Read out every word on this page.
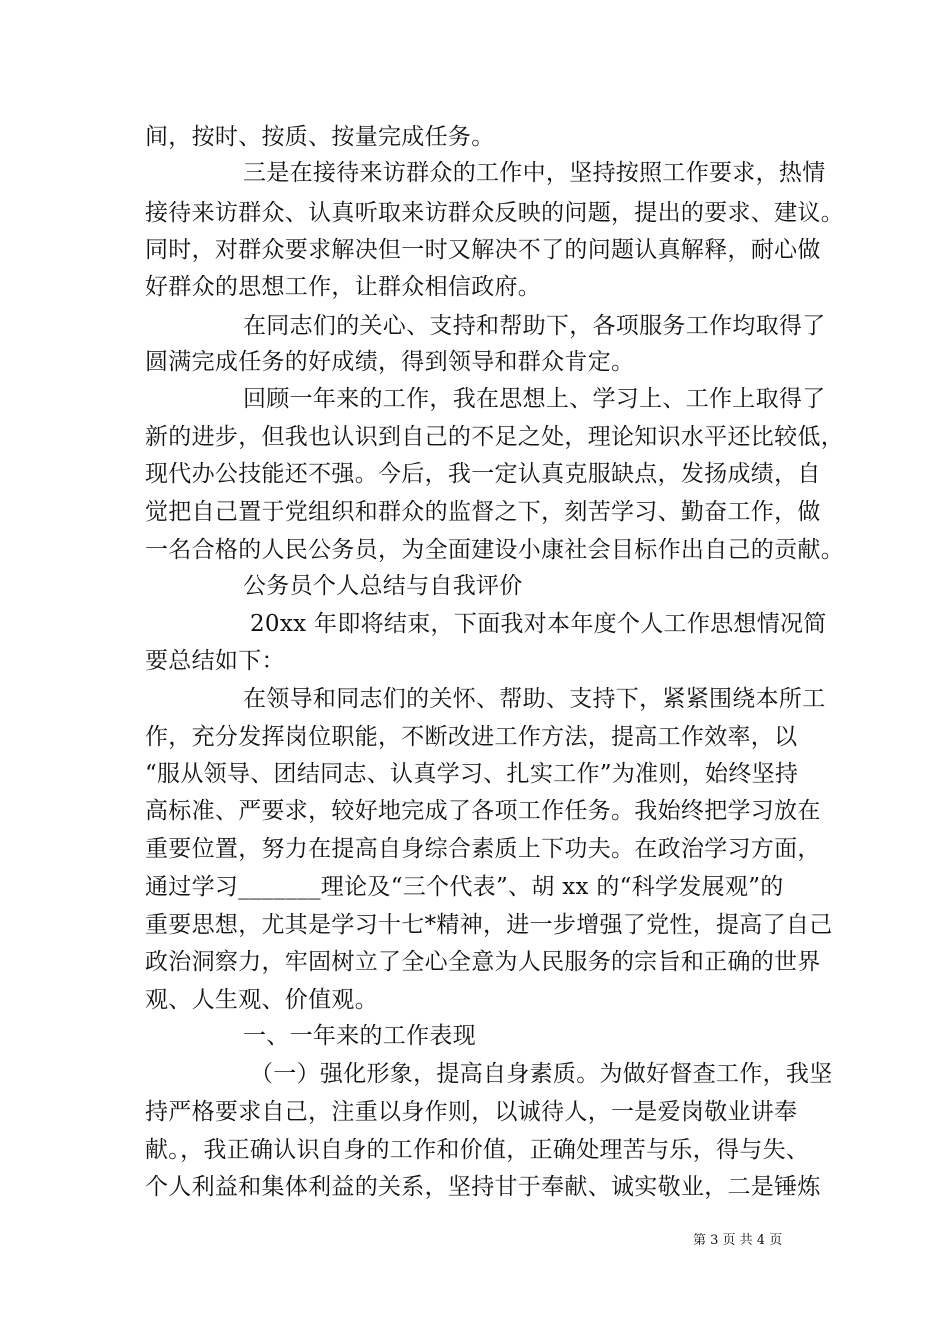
间，按时、按质、按量完成任务。
三是在接待来访群众的工作中，坚持按照工作要求，热情
接待来访群众、认真听取来访群众反映的问题，提出的要求、建议。
同时，对群众要求解决但一时又解决不了的问题认真解释，耐心做
好群众的思想工作，让群众相信政府。
在同志们的关心、支持和帮助下，各项服务工作均取得了
圆满完成任务的好成绩，得到领导和群众肯定。
回顾一年来的工作，我在思想上、学习上、工作上取得了
新的进步，但我也认识到自己的不足之处，理论知识水平还比较低，
现代办公技能还不强。今后，我一定认真克服缺点，发扬成绩，自
觉把自己置于党组织和群众的监督之下，刻苦学习、勤奋工作，做
一名合格的人民公务员，为全面建设小康社会目标作出自己的贡献。
公务员个人总结与自我评价
20xx 年即将结束，下面我对本年度个人工作思想情况简
要总结如下：
在领导和同志们的关怀、帮助、支持下，紧紧围绕本所工
作，充分发挥岗位职能，不断改进工作方法，提高工作效率，以
“服从领导、团结同志、认真学习、扎实工作”为准则，始终坚持
高标准、严要求，较好地完成了各项工作任务。我始终把学习放在
重要位置，努力在提高自身综合素质上下功夫。在政治学习方面，
通过学习_______理论及“三个代表”、胡 xx 的“科学发展观”的
重要思想，尤其是学习十七*精神，进一步增强了党性，提高了自己
政治洞察力，牢固树立了全心全意为人民服务的宗旨和正确的世界
观、人生观、价值观。
一、一年来的工作表现
（一）强化形象，提高自身素质。为做好督查工作，我坚
持严格要求自己，注重以身作则，以诚待人，一是爱岗敬业讲奉
献。，我正确认识自身的工作和价值，正确处理苦与乐，得与失、
个人利益和集体利益的关系，坚持甘于奉献、诚实敬业，二是锤炼
第 3 页 共 4 页
